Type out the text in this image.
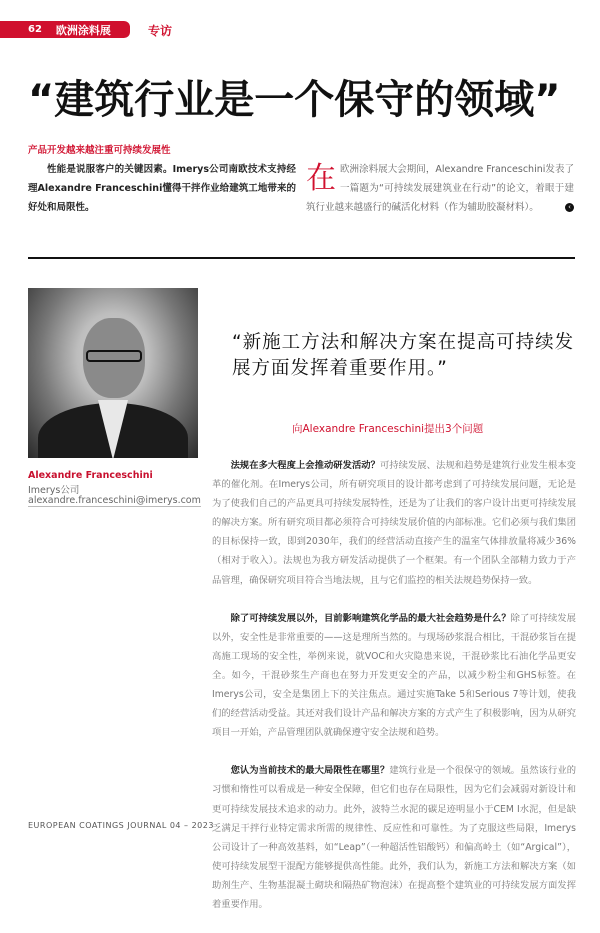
62 欧洲涂料展	专访
“建筑行业是一个保守的领域”
产品开发越来越注重可持续发展性
性能是说服客户的关键因素。Imerys公司南欧技术支持经理Alexandre Franceschini懂得干拌作业给建筑工地带来的好处和局限性。
在 欧洲涂料展大会期间，Alexandre Franceschini发表了一篇题为“可持续发展建筑业在行动”的论文，着眼于建筑行业越来越盛行的碱活化材料（作为辅助胶凝材料）。	‹
Alexandre Franceschini
Imerys公司
alexandre.franceschini@imerys.com
“新施工方法和解决方案在提高可持续发展方面发挥着重要作用。”
向Alexandre Franceschini提出3个问题

法规在多大程度上会推动研发活动？可持续发展、法规和趋势是建筑行业发生根本变革的催化剂。在Imerys公司，所有研究项目的设计都考虑到了可持续发展问题，无论是为了使我们自己的产品更具可持续发展特性，还是为了让我们的客户设计出更可持续发展的解决方案。所有研究项目都必须符合可持续发展价值的内部标准。它们必须与我们集团的目标保持一致，即到2030年，我们的经营活动直接产生的温室气体排放量将减少36%（相对于收入）。法规也为我方研发活动提供了一个框架。有一个团队全部精力致力于产品管理，确保研究项目符合当地法规，且与它们监控的相关法规趋势保持一致。

除了可持续发展以外，目前影响建筑化学品的最大社会趋势是什么？除了可持续发展以外，安全性是非常重要的——这是理所当然的。与现场砂浆混合相比，干混砂浆旨在提高施工现场的安全性，举例来说，就VOC和火灾隐患来说，干混砂浆比石油化学品更安全。如今，干混砂浆生产商也在努力开发更安全的产品，以减少粉尘和GHS标签。在Imerys公司，安全是集团上下的关注焦点。通过实施Take 5和Serious 7等计划，使我们的经营活动受益。其还对我们设计产品和解决方案的方式产生了积极影响，因为从研究项目一开始，产品管理团队就确保遵守安全法规和趋势。

您认为当前技术的最大局限性在哪里？建筑行业是一个很保守的领域。虽然该行业的习惯和惰性可以看成是一种安全保障，但它们也存在局限性，因为它们会减弱对新设计和更可持续发展技术追求的动力。此外，波特兰水泥的碳足迹明显小于CEM I水泥，但是缺乏满足干拌行业特定需求所需的规律性、反应性和可靠性。为了克服这些局限，Imerys公司设计了一种高效基料，如“Leap”（一种超活性铝酸钙）和偏高岭土（如“Argical”），使可持续发展型干混配方能够提供高性能。此外，我们认为，新施工方法和解决方案（如助剂生产、生物基混凝土砌块和隔热矿物泡沫）在提高整个建筑业的可持续发展方面发挥着重要作用。

EUROPEAN COATINGS JOURNAL 04 – 2023
